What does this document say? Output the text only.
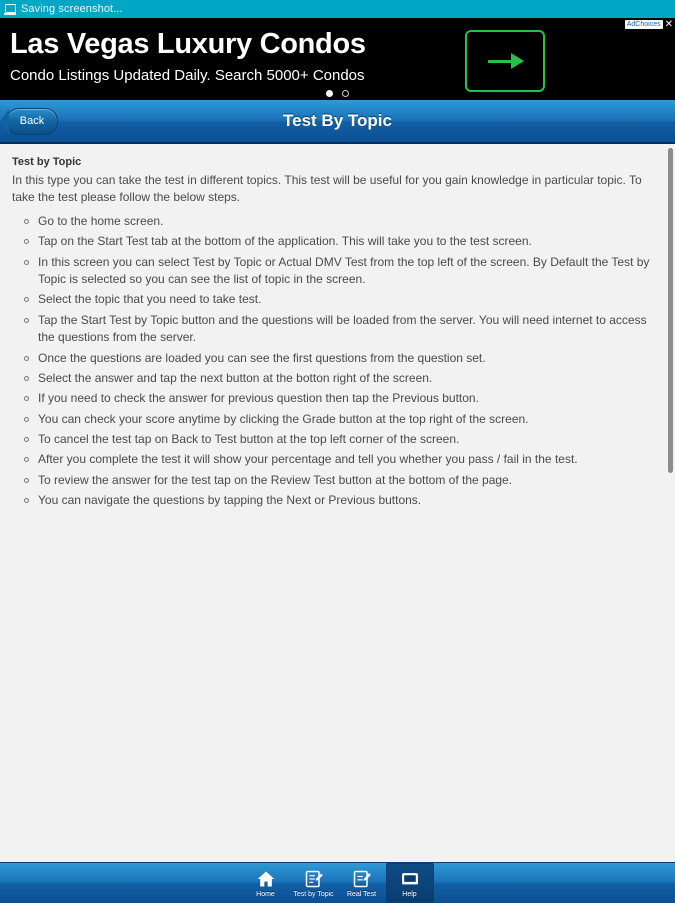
Saving screenshot...
AdChoices ✕
Las Vegas Luxury Condos
Condo Listings Updated Daily. Search 5000+ Condos
Back	Test By Topic
Test by Topic

In this type you can take the test in different topics. This test will be useful for you gain knowledge in particular topic. To take the test please follow the below steps.

Go to the home screen.
Tap on the Start Test tab at the bottom of the application. This will take you to the test screen.
In this screen you can select Test by Topic or Actual DMV Test from the top left of the screen. By Default the Test by Topic is selected so you can see the list of topic in the screen.
Select the topic that you need to take test.
Tap the Start Test by Topic button and the questions will be loaded from the server. You will need internet to access the questions from the server.
Once the questions are loaded you can see the first questions from the question set.
Select the answer and tap the next button at the botton right of the screen.
If you need to check the answer for previous question then tap the Previous button.
You can check your score anytime by clicking the Grade button at the top right of the screen.
To cancel the test tap on Back to Test button at the top left corner of the screen.
After you complete the test it will show your percentage and tell you whether you pass / fail in the test.
To review the answer for the test tap on the Review Test button at the bottom of the page.
You can navigate the questions by tapping the Next or Previous buttons.
Home	Test by Topic Real Test	Help
